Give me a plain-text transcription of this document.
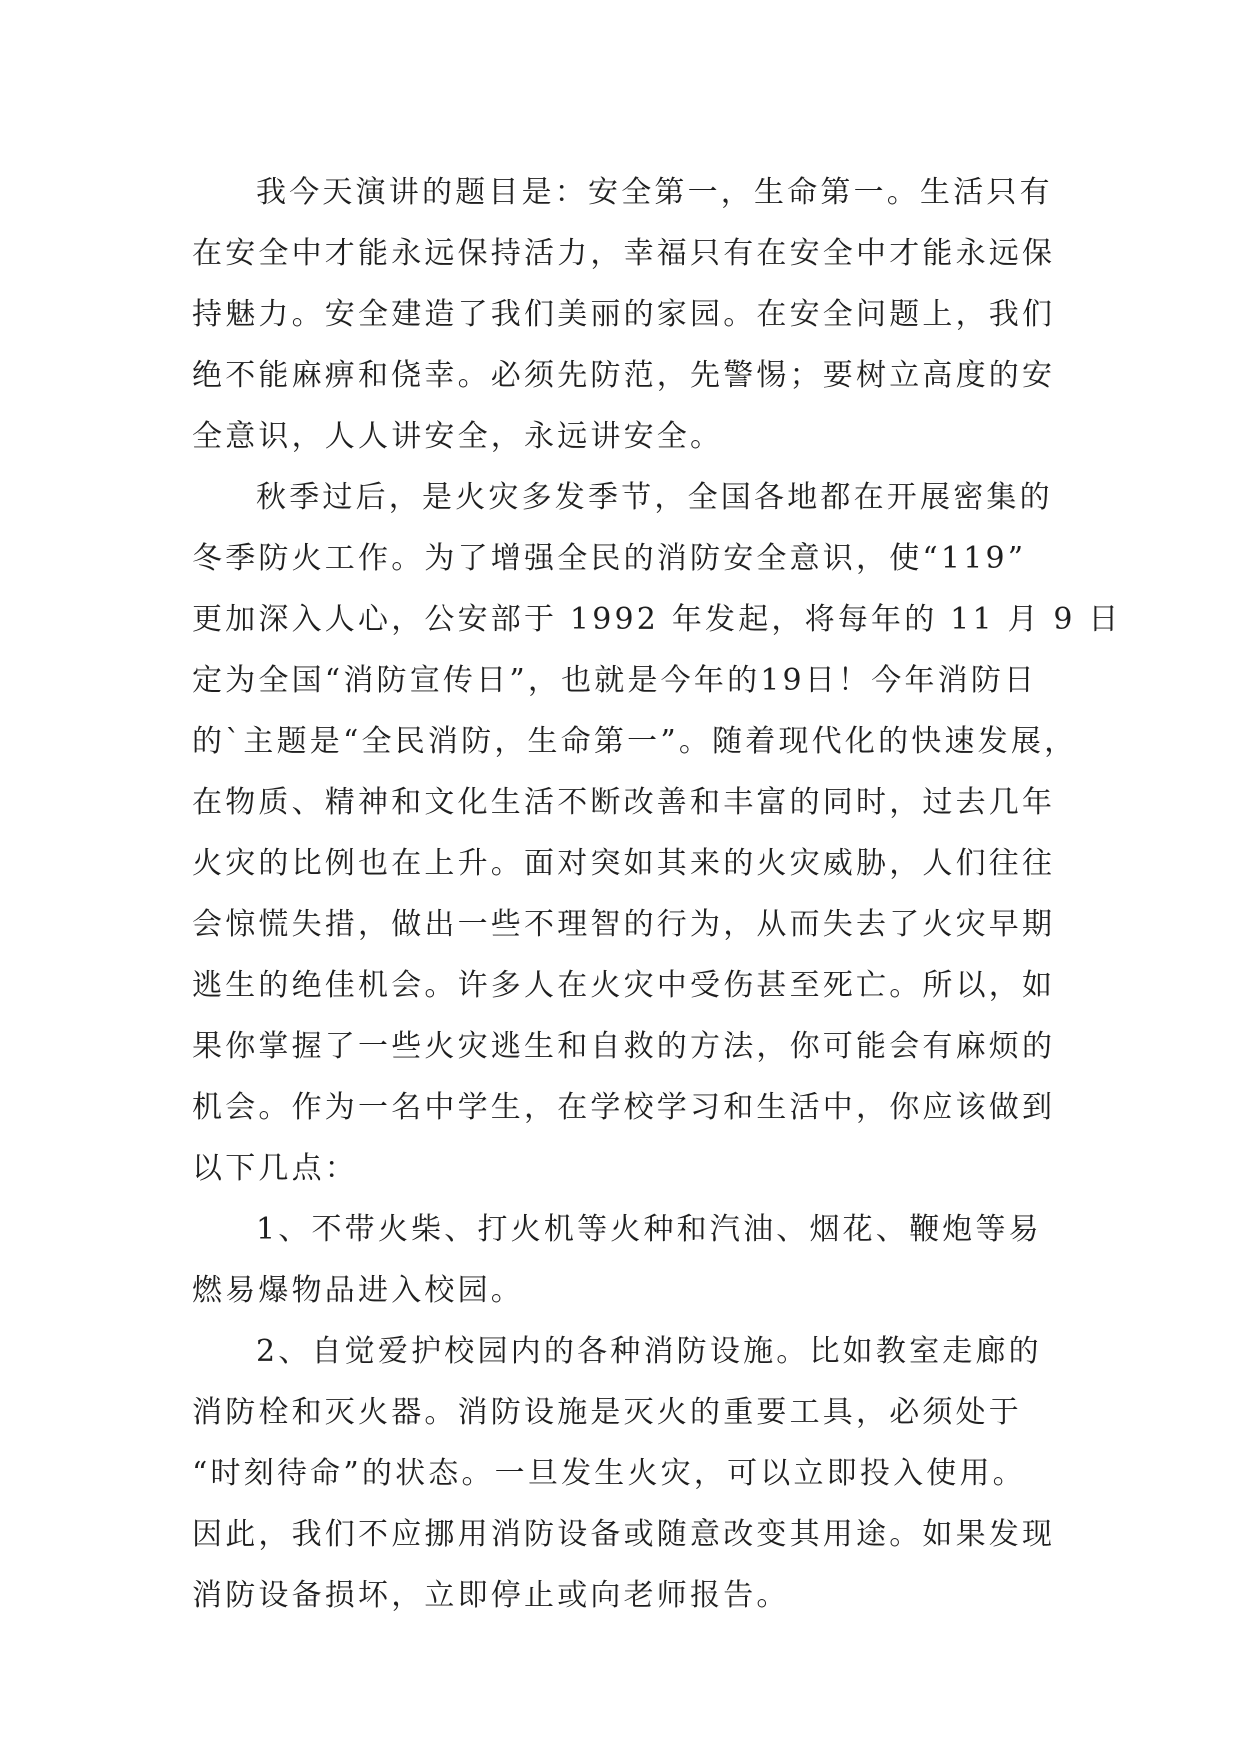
我今天演讲的题目是：安全第一，生命第一。生活只有
在安全中才能永远保持活力，幸福只有在安全中才能永远保
持魅力。安全建造了我们美丽的家园。在安全问题上，我们
绝不能麻痹和侥幸。必须先防范，先警惕；要树立高度的安
全意识，人人讲安全，永远讲安全。
秋季过后，是火灾多发季节，全国各地都在开展密集的
冬季防火工作。为了增强全民的消防安全意识，使“119”
更加深入人心，公安部于 1992 年发起，将每年的 11 月 9 日
定为全国“消防宣传日”，也就是今年的19日！今年消防日
的`主题是“全民消防，生命第一”。随着现代化的快速发展，
在物质、精神和文化生活不断改善和丰富的同时，过去几年
火灾的比例也在上升。面对突如其来的火灾威胁，人们往往
会惊慌失措，做出一些不理智的行为，从而失去了火灾早期
逃生的绝佳机会。许多人在火灾中受伤甚至死亡。所以，如
果你掌握了一些火灾逃生和自救的方法，你可能会有麻烦的
机会。作为一名中学生，在学校学习和生活中，你应该做到
以下几点：
1、不带火柴、打火机等火种和汽油、烟花、鞭炮等易
燃易爆物品进入校园。
2、自觉爱护校园内的各种消防设施。比如教室走廊的
消防栓和灭火器。消防设施是灭火的重要工具，必须处于
“时刻待命”的状态。一旦发生火灾，可以立即投入使用。
因此，我们不应挪用消防设备或随意改变其用途。如果发现
消防设备损坏，立即停止或向老师报告。
